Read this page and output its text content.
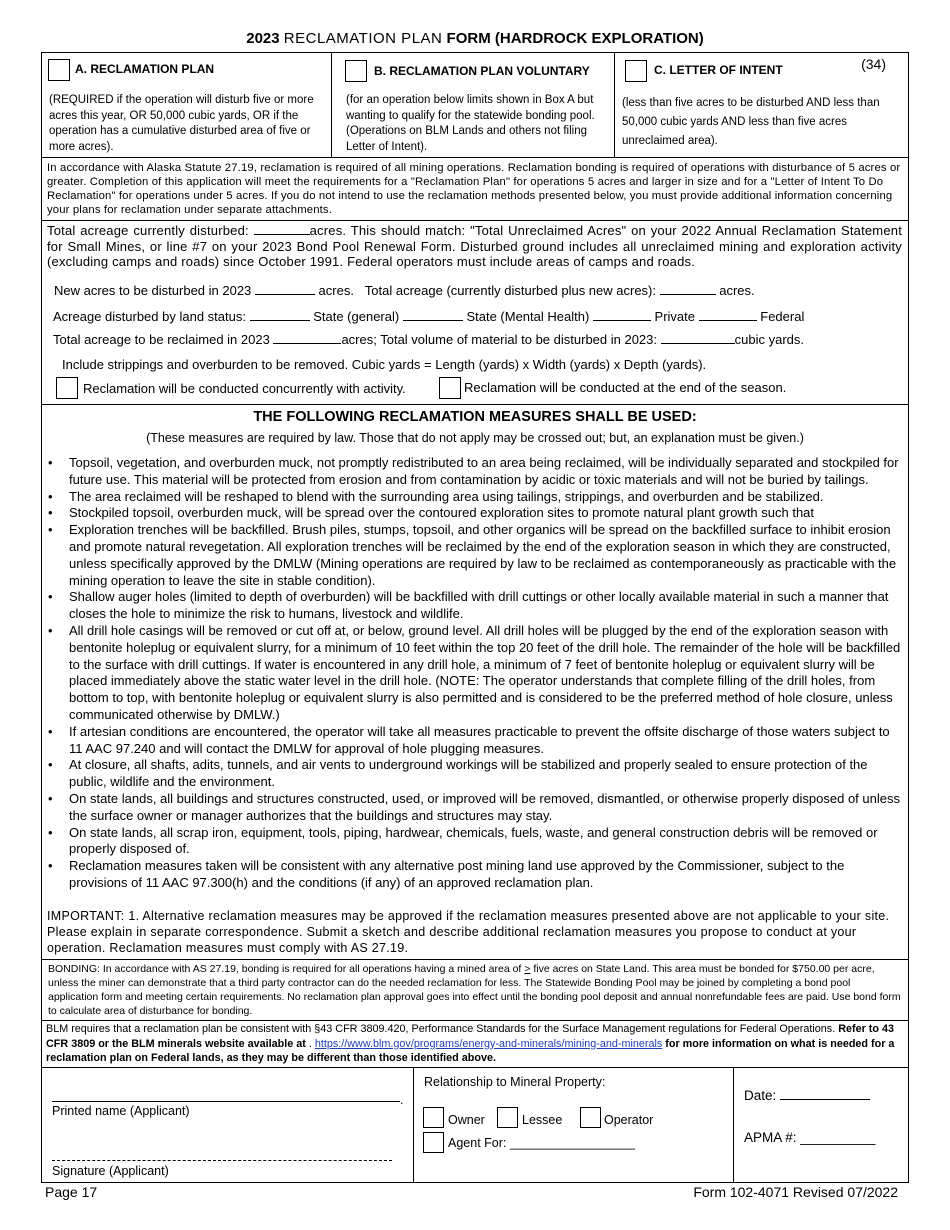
2023 RECLAMATION PLAN FORM (HARDROCK EXPLORATION)
A. RECLAMATION PLAN
(REQUIRED if the operation will disturb five or more acres this year, OR 50,000 cubic yards, OR if the operation has a cumulative disturbed area of five or more acres).
B. RECLAMATION PLAN VOLUNTARY
(for an operation below limits shown in Box A but wanting to qualify for the statewide bonding pool. (Operations on BLM Lands and others not filing Letter of Intent).
C. LETTER OF INTENT	(34)
(less than five acres to be disturbed AND less than 50,000 cubic yards AND less than five acres unreclaimed area).
In accordance with Alaska Statute 27.19, reclamation is required of all mining operations. Reclamation bonding is required of operations with disturbance of 5 acres or greater. Completion of this application will meet the requirements for a "Reclamation Plan" for operations 5 acres and larger in size and for a "Letter of Intent To Do Reclamation" for operations under 5 acres. If you do not intend to use the reclamation methods presented below, you must provide additional information concerning your plans for reclamation under separate attachments.
Total acreage currently disturbed:	acres. This should match: "Total Unreclaimed Acres" on your 2022 Annual Reclamation Statement for Small Mines, or line #7 on your 2023 Bond Pool Renewal Form. Disturbed ground includes all unreclaimed mining and exploration activity (excluding camps and roads) since October 1991. Federal operators must include areas of camps and roads.
New acres to be disturbed in 2023	acres. Total acreage (currently disturbed plus new acres):	acres.
Acreage disturbed by land status:	State (general)	State (Mental Health)	Private	Federal
Total acreage to be reclaimed in 2023	acres; Total volume of material to be disturbed in 2023:	cubic yards.
Include strippings and overburden to be removed. Cubic yards = Length (yards) x Width (yards) x Depth (yards).
Reclamation will be conducted concurrently with activity.	Reclamation will be conducted at the end of the season.
THE FOLLOWING RECLAMATION MEASURES SHALL BE USED:
(These measures are required by law. Those that do not apply may be crossed out; but, an explanation must be given.)
• Topsoil, vegetation, and overburden muck, not promptly redistributed to an area being reclaimed, will be individually separated and stockpiled for future use. This material will be protected from erosion and from contamination by acidic or toxic materials and will not be buried by tailings.
• The area reclaimed will be reshaped to blend with the surrounding area using tailings, strippings, and overburden and be stabilized.
• Stockpiled topsoil, overburden muck, will be spread over the contoured exploration sites to promote natural plant growth such that
• Exploration trenches will be backfilled. Brush piles, stumps, topsoil, and other organics will be spread on the backfilled surface to inhibit erosion and promote natural revegetation. All exploration trenches will be reclaimed by the end of the exploration season in which they are constructed, unless specifically approved by the DMLW (Mining operations are required by law to be reclaimed as contemporaneously as practicable with the mining operation to leave the site in stable condition).
• Shallow auger holes (limited to depth of overburden) will be backfilled with drill cuttings or other locally available material in such a manner that closes the hole to minimize the risk to humans, livestock and wildlife.
• All drill hole casings will be removed or cut off at, or below, ground level. All drill holes will be plugged by the end of the exploration season with bentonite holeplug or equivalent slurry, for a minimum of 10 feet within the top 20 feet of the drill hole. The remainder of the hole will be backfilled to the surface with drill cuttings. If water is encountered in any drill hole, a minimum of 7 feet of bentonite holeplug or equivalent slurry will be placed immediately above the static water level in the drill hole. (NOTE: The operator understands that complete filling of the drill holes, from bottom to top, with bentonite holeplug or equivalent slurry is also permitted and is considered to be the preferred method of hole closure, unless communicated otherwise by DMLW.)
• If artesian conditions are encountered, the operator will take all measures practicable to prevent the offsite discharge of those waters subject to 11 AAC 97.240 and will contact the DMLW for approval of hole plugging measures.
• At closure, all shafts, adits, tunnels, and air vents to underground workings will be stabilized and properly sealed to ensure protection of the public, wildlife and the environment.
• On state lands, all buildings and structures constructed, used, or improved will be removed, dismantled, or otherwise properly disposed of unless the surface owner or manager authorizes that the buildings and structures may stay.
• On state lands, all scrap iron, equipment, tools, piping, hardwear, chemicals, fuels, waste, and general construction debris will be removed or properly disposed of.
• Reclamation measures taken will be consistent with any alternative post mining land use approved by the Commissioner, subject to the provisions of 11 AAC 97.300(h) and the conditions (if any) of an approved reclamation plan.
IMPORTANT: 1. Alternative reclamation measures may be approved if the reclamation measures presented above are not applicable to your site. Please explain in separate correspondence. Submit a sketch and describe additional reclamation measures you propose to conduct at your operation. Reclamation measures must comply with AS 27.19.
BONDING: In accordance with AS 27.19, bonding is required for all operations having a mined area of > five acres on State Land. This area must be bonded for $750.00 per acre, unless the miner can demonstrate that a third party contractor can do the needed reclamation for less. The Statewide Bonding Pool may be joined by completing a bond pool application form and meeting certain requirements. No reclamation plan approval goes into effect until the bonding pool deposit and annual nonrefundable fees are paid. Use bond form to calculate area of disturbance for bonding.
BLM requires that a reclamation plan be consistent with §43 CFR 3809.420, Performance Standards for the Surface Management regulations for Federal Operations. Refer to 43 CFR 3809 or the BLM minerals website available at . https://www.blm.gov/programs/energy-and-minerals/mining-and-minerals for more information on what is needed for a reclamation plan on Federal lands, as they may be different than those identified above.
.
Printed name (Applicant)
Signature (Applicant)
Relationship to Mineral Property:
Owner	Lessee	Operator
Agent For: __________________
Date:
APMA #: __________
Page 17	Form 102-4071 Revised 07/2022
